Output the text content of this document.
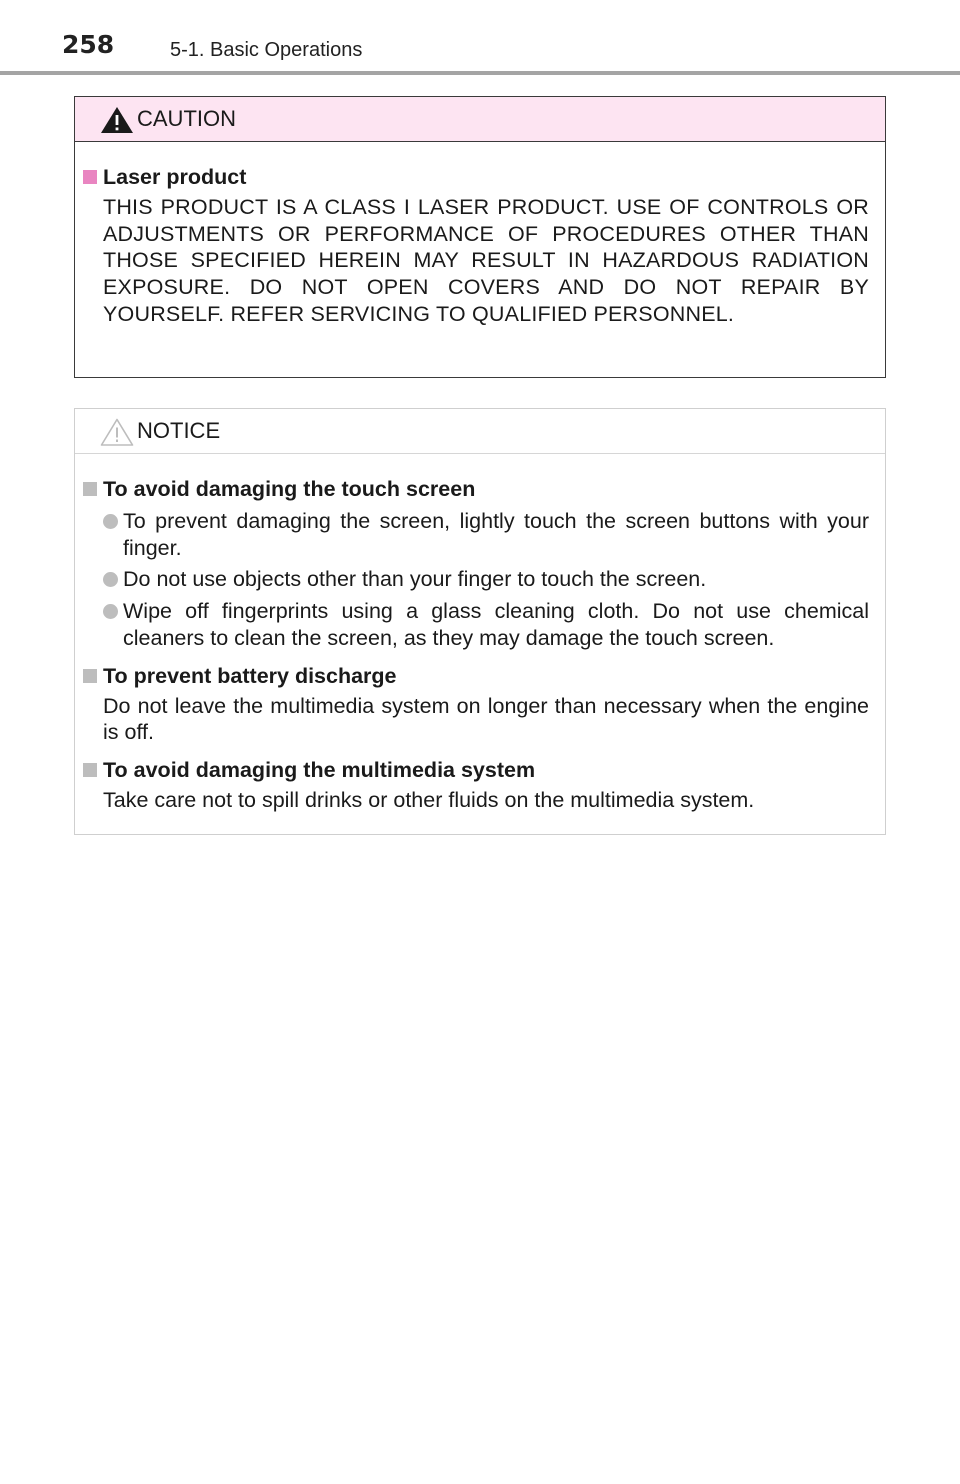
258	5-1. Basic Operations
CAUTION
Laser product
THIS PRODUCT IS A CLASS I LASER PRODUCT. USE OF CONTROLS OR ADJUSTMENTS OR PERFORMANCE OF PROCEDURES OTHER THAN THOSE SPECIFIED HEREIN MAY RESULT IN HAZARDOUS RADIATION EXPOSURE. DO NOT OPEN COVERS AND DO NOT REPAIR BY YOURSELF. REFER SERVICING TO QUALIFIED PERSONNEL.
NOTICE
To avoid damaging the touch screen
To prevent damaging the screen, lightly touch the screen buttons with your finger.
Do not use objects other than your finger to touch the screen.
Wipe off fingerprints using a glass cleaning cloth. Do not use chemical cleaners to clean the screen, as they may damage the touch screen.
To prevent battery discharge
Do not leave the multimedia system on longer than necessary when the engine is off.
To avoid damaging the multimedia system
Take care not to spill drinks or other fluids on the multimedia system.
